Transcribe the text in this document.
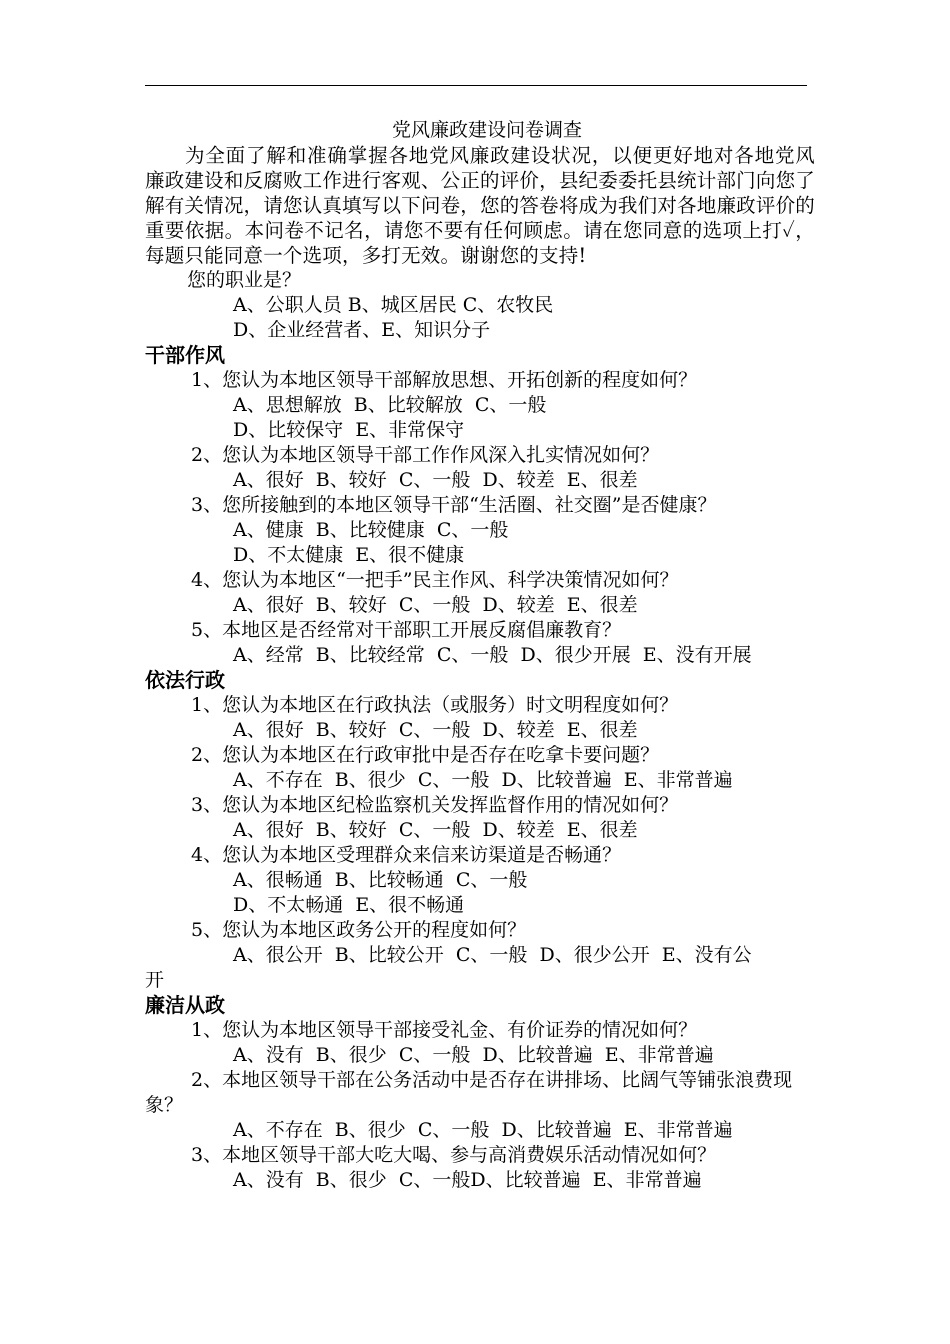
党风廉政建设问卷调查
为全面了解和准确掌握各地党风廉政建设状况，以便更好地对各地党风廉政建设和反腐败工作进行客观、公正的评价，县纪委委托县统计部门向您了解有关情况，请您认真填写以下问卷，您的答卷将成为我们对各地廉政评价的重要依据。本问卷不记名，请您不要有任何顾虑。请在您同意的选项上打✓，每题只能同意一个选项，多打无效。谢谢您的支持!
您的职业是？
A、公职人员 B、城区居民 C、农牧民
D、企业经营者、E、知识分子
干部作风
1、您认为本地区领导干部解放思想、开拓创新的程度如何？
A、思想解放  B、比较解放  C、一般
D、比较保守  E、非常保守
2、您认为本地区领导干部工作作风深入扎实情况如何？
A、很好  B、较好  C、一般  D、较差  E、很差
3、您所接触到的本地区领导干部“生活圈、社交圈”是否健康？
A、健康  B、比较健康  C、一般
D、不太健康  E、很不健康
4、您认为本地区“一把手”民主作风、科学决策情况如何？
A、很好  B、较好  C、一般  D、较差  E、很差
5、本地区是否经常对干部职工开展反腐倡廉教育？
A、经常  B、比较经常  C、一般  D、很少开展  E、没有开展
依法行政
1、您认为本地区在行政执法（或服务）时文明程度如何？
A、很好  B、较好  C、一般  D、较差  E、很差
2、您认为本地区在行政审批中是否存在吃拿卡要问题？
A、不存在  B、很少  C、一般  D、比较普遍  E、非常普遍
3、您认为本地区纪检监察机关发挥监督作用的情况如何？
A、很好  B、较好  C、一般  D、较差  E、很差
4、您认为本地区受理群众来信来访渠道是否畅通？
A、很畅通  B、比较畅通  C、一般
D、不太畅通  E、很不畅通
5、您认为本地区政务公开的程度如何？
A、很公开  B、比较公开  C、一般  D、很少公开  E、没有公
开
廉洁从政
1、您认为本地区领导干部接受礼金、有价证券的情况如何？
A、没有  B、很少  C、一般  D、比较普遍  E、非常普遍
2、本地区领导干部在公务活动中是否存在讲排场、比阔气等铺张浪费现象？
A、不存在  B、很少  C、一般  D、比较普遍  E、非常普遍
3、本地区领导干部大吃大喝、参与高消费娱乐活动情况如何？
A、没有  B、很少  C、一般D、比较普遍  E、非常普遍
